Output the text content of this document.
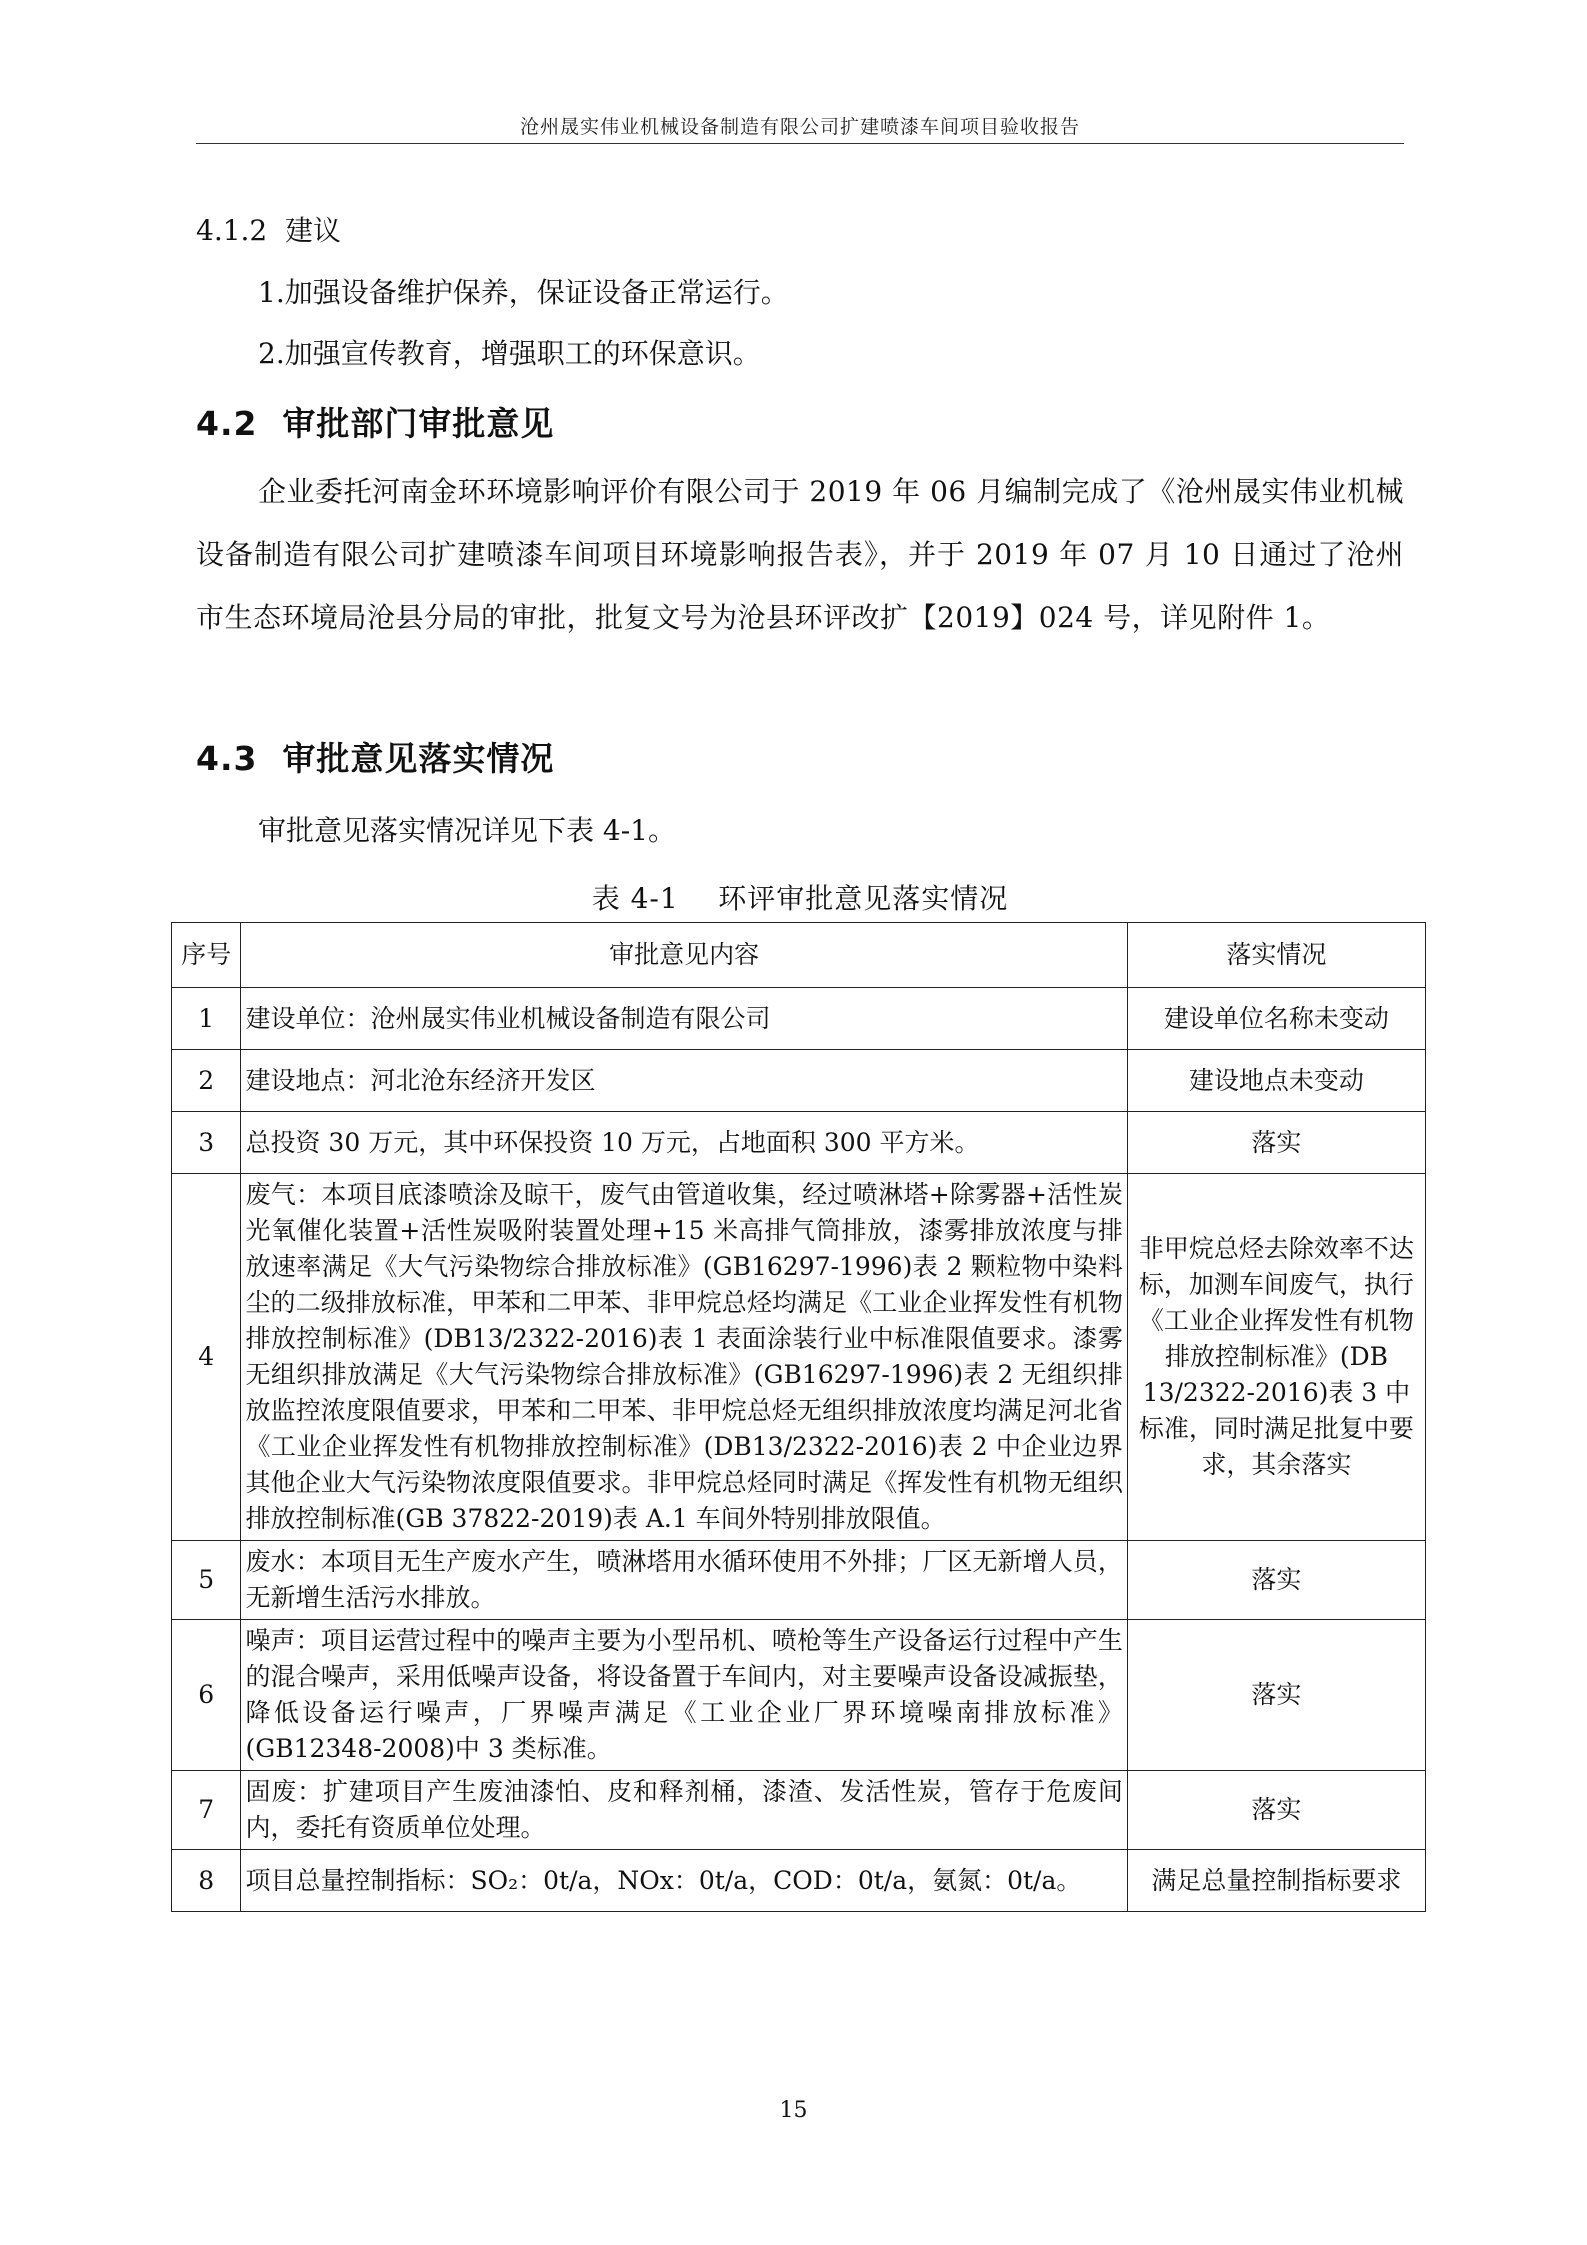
沧州晟实伟业机械设备制造有限公司扩建喷漆车间项目验收报告
4.1.2  建议
1.加强设备维护保养，保证设备正常运行。
2.加强宣传教育，增强职工的环保意识。
4.2  审批部门审批意见
企业委托河南金环环境影响评价有限公司于 2019 年 06 月编制完成了《沧州晟实伟业机械设备制造有限公司扩建喷漆车间项目环境影响报告表》，并于 2019 年 07 月 10 日通过了沧州市生态环境局沧县分局的审批，批复文号为沧县环评改扩【2019】024 号，详见附件 1。
4.3  审批意见落实情况
审批意见落实情况详见下表 4-1。
表 4-1    环评审批意见落实情况
序号	审批意见内容	落实情况
1	建设单位：沧州晟实伟业机械设备制造有限公司	建设单位名称未变动
2	建设地点：河北沧东经济开发区	建设地点未变动
3	总投资 30 万元，其中环保投资 10 万元，占地面积 300 平方米。	落实
4	废气：本项目底漆喷涂及晾干，废气由管道收集，经过喷淋塔+除雾器+活性炭光氧催化装置+活性炭吸附装置处理+15 米高排气筒排放，漆雾排放浓度与排放速率满足《大气污染物综合排放标准》(GB16297-1996)表 2 颗粒物中染料尘的二级排放标准，甲苯和二甲苯、非甲烷总烃均满足《工业企业挥发性有机物排放控制标准》(DB13/2322-2016)表 1 表面涂装行业中标准限值要求。漆雾无组织排放满足《大气污染物综合排放标准》(GB16297-1996)表 2 无组织排放监控浓度限值要求，甲苯和二甲苯、非甲烷总烃无组织排放浓度均满足河北省《工业企业挥发性有机物排放控制标准》(DB13/2322-2016)表 2 中企业边界其他企业大气污染物浓度限值要求。非甲烷总烃同时满足《挥发性有机物无组织排放控制标准(GB 37822-2019)表 A.1 车间外特别排放限值。	非甲烷总烃去除效率不达标，加测车间废气，执行《工业企业挥发性有机物排放控制标准》(DB 13/2322-2016)表 3 中标准，同时满足批复中要求，其余落实
5	废水：本项目无生产废水产生，喷淋塔用水循环使用不外排；厂区无新增人员，无新增生活污水排放。	落实
6	噪声：项目运营过程中的噪声主要为小型吊机、喷枪等生产设备运行过程中产生的混合噪声，采用低噪声设备，将设备置于车间内，对主要噪声设备设减振垫，降低设备运行噪声，厂界噪声满足《工业企业厂界环境噪南排放标准》(GB12348-2008)中 3 类标准。	落实
7	固废：扩建项目产生废油漆怕、皮和释剂桶，漆渣、发活性炭，管存于危废间内，委托有资质单位处理。	落实
8	项目总量控制指标：SO₂：0t/a，NOx：0t/a，COD：0t/a，氨氮：0t/a。	满足总量控制指标要求
15
